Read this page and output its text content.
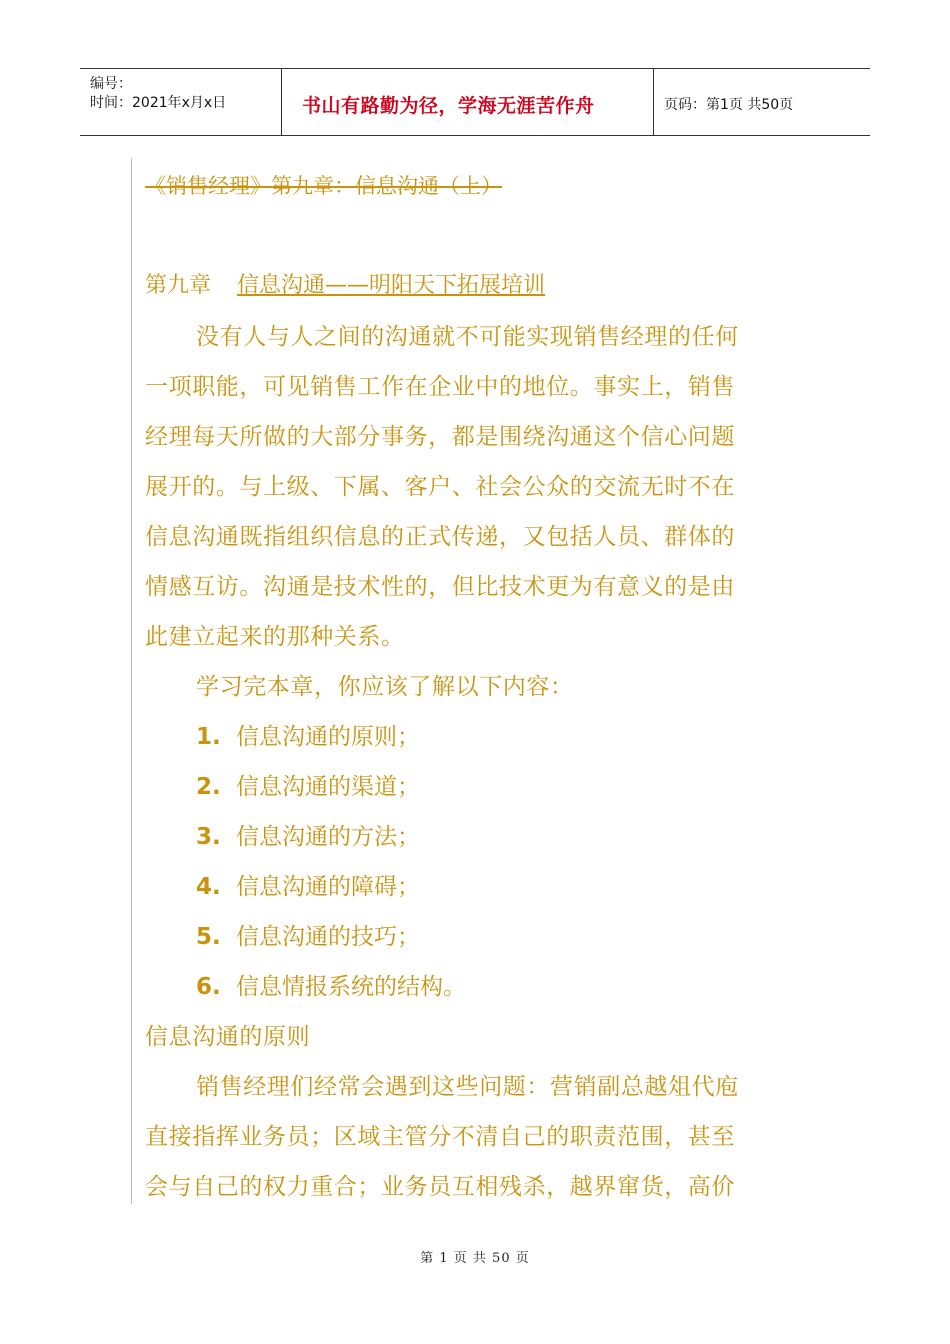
编号：
时间：2021年x月x日	书山有路勤为径，学海无涯苦作舟	页码：第1页 共50页
《销售经理》第九章：信息沟通（上）
第九章 信息沟通——明阳天下拓展培训
没有人与人之间的沟通就不可能实现销售经理的任何
一项职能，可见销售工作在企业中的地位。事实上，销售
经理每天所做的大部分事务，都是围绕沟通这个信心问题
展开的。与上级、下属、客户、社会公众的交流无时不在
信息沟通既指组织信息的正式传递，又包括人员、群体的
情感互访。沟通是技术性的，但比技术更为有意义的是由
此建立起来的那种关系。
学习完本章，你应该了解以下内容：
1. 信息沟通的原则；
2. 信息沟通的渠道；
3. 信息沟通的方法；
4. 信息沟通的障碍；
5. 信息沟通的技巧；
6. 信息情报系统的结构。
信息沟通的原则
销售经理们经常会遇到这些问题：营销副总越俎代庖
直接指挥业务员；区域主管分不清自己的职责范围，甚至
会与自己的权力重合；业务员互相残杀，越界窜货，高价
第 1 页 共 50 页
